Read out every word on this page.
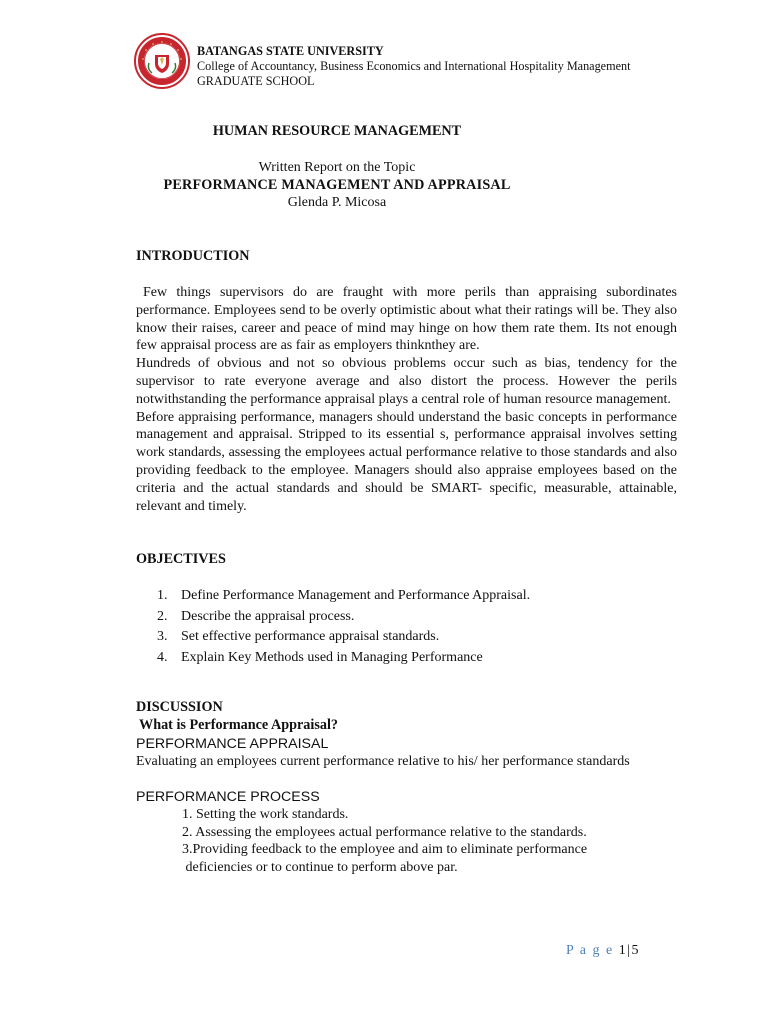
BATANGAS STATE UNIVERSITY
College of Accountancy, Business Economics and International Hospitality Management
GRADUATE SCHOOL
HUMAN RESOURCE MANAGEMENT
Written Report on the Topic
PERFORMANCE MANAGEMENT AND APPRAISAL
Glenda P. Micosa
INTRODUCTION

Few things supervisors do are fraught with more perils than appraising subordinates performance. Employees send to be overly optimistic about what their ratings will be. They also know their raises, career and peace of mind may hinge on how them rate them. Its not enough few appraisal process are as fair as employers thinknthey are.

Hundreds of obvious and not so obvious problems occur such as bias, tendency for the supervisor to rate everyone average and also distort the process. However the perils notwithstanding the performance appraisal plays a central role of human resource management.

Before appraising performance, managers should understand the basic concepts in performance management and appraisal. Stripped to its essential s, performance appraisal involves setting work standards, assessing the employees actual performance relative to those standards and also providing feedback to the employee. Managers should also appraise employees based on the criteria and the actual standards and should be SMART- specific, measurable, attainable, relevant and timely.

OBJECTIVES
1. Define Performance Management and Performance Appraisal.
2. Describe the appraisal process.
3. Set effective performance appraisal standards.
4. Explain Key Methods used in Managing Performance
DISCUSSION
What is Performance Appraisal?
PERFORMANCE APPRAISAL
Evaluating an employees current performance relative to his/ her performance standards
PERFORMANCE PROCESS
1. Setting the work standards.
2. Assessing the employees actual performance relative to the standards.
3.Providing feedback to the employee and aim to eliminate performance
deficiencies or to continue to perform above par.
P a g e 1|5
